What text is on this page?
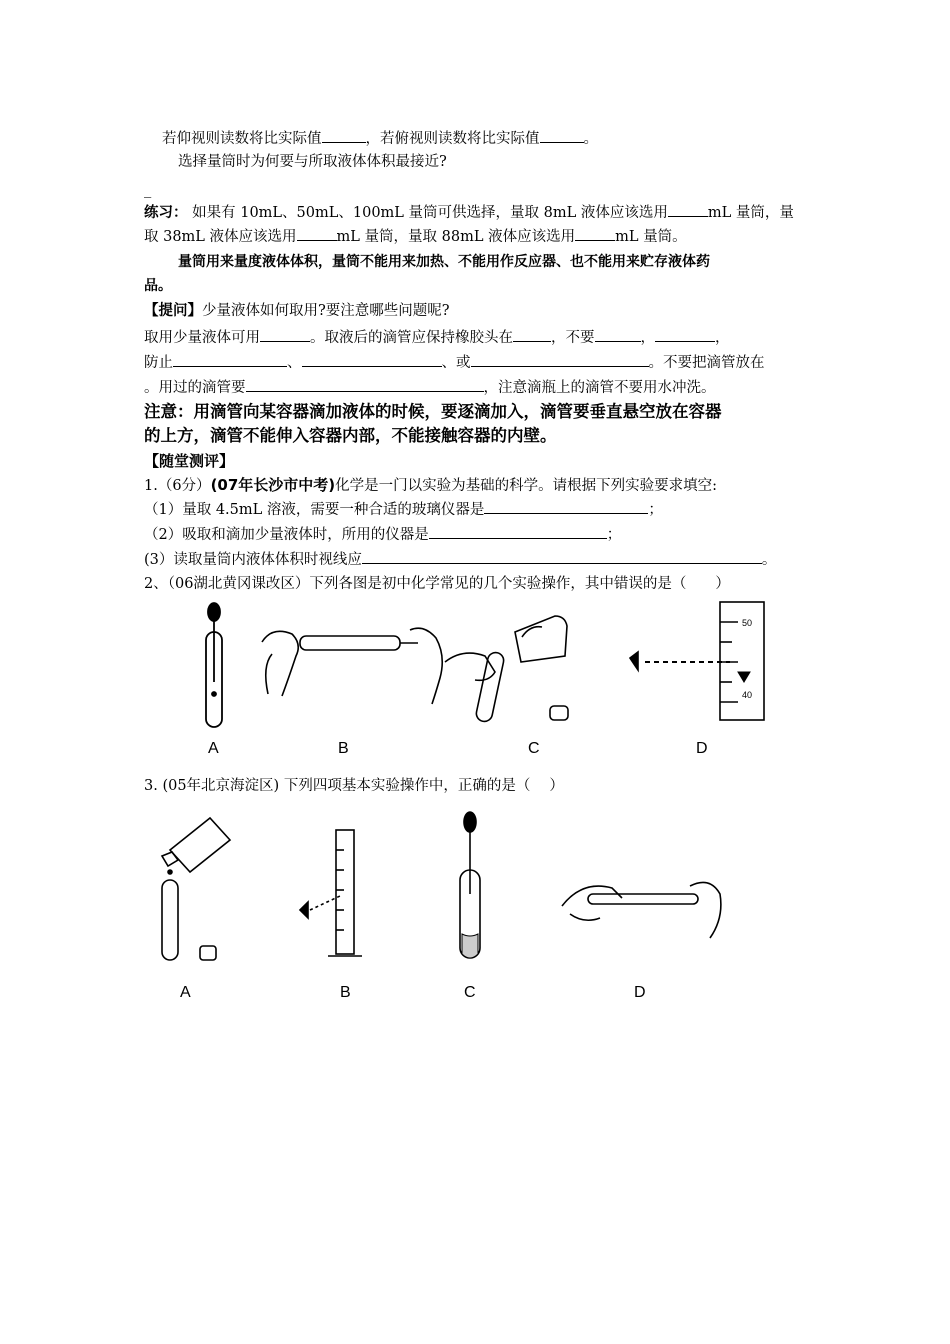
若仰视则读数将比实际值	，若俯视则读数将比实际值	。
选择量筒时为何要与所取液体体积最接近?
_
练习： 如果有 10mL、50mL、100mL 量筒可供选择，量取 8mL 液体应该选用	mL 量筒，量
取 38mL 液体应该选用	mL 量筒，量取 88mL 液体应该选用	mL 量筒。
量筒用来量度液体体积，量筒不能用来加热、不能用作反应器、也不能用来贮存液体药
品。
【提问】少量液体如何取用?要注意哪些问题呢?
取用少量液体可用	。取液后的滴管应保持橡胶头在	，不要	，	，
防止	、	、或	。不要把滴管放在
。用过的滴管要	，注意滴瓶上的滴管不要用水冲洗。
注意：用滴管向某容器滴加液体的时候，要逐滴加入，滴管要垂直悬空放在容器
的上方，滴管不能伸入容器内部，不能接触容器的内壁。
【随堂测评】
1.（6分）(07年长沙市中考)化学是一门以实验为基础的科学。请根据下列实验要求填空:
（1）量取 4.5mL 溶液，需要一种合适的玻璃仪器是	；
（2）吸取和滴加少量液体时，所用的仪器是	；
(3）读取量筒内液体体积时视线应	。
2、（06湖北黄冈课改区）下列各图是初中化学常见的几个实验操作，其中错误的是（　　）
50
40
A	B	C	D
3. (05年北京海淀区) 下列四项基本实验操作中，正确的是（　 ）
A	B	C	D
